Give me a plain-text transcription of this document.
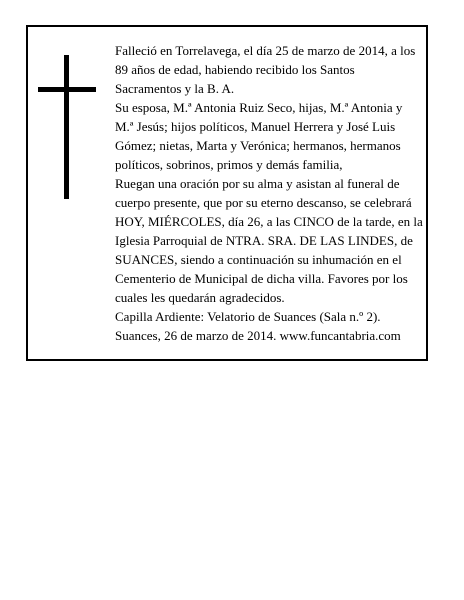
Falleció en Torrelavega, el día 25 de marzo de 2014, a los 89 años de edad, habiendo recibido los Santos Sacramentos y la B. A.

Su esposa, M.ª Antonia Ruiz Seco, hijas, M.ª Antonia y M.ª Jesús; hijos políticos, Manuel Herrera y José Luis Gómez; nietas, Marta y Verónica; hermanos, hermanos políticos, sobrinos, primos y demás familia,

Ruegan una oración por su alma y asistan al funeral de cuerpo presente, que por su eterno descanso, se celebrará HOY, MIÉRCOLES, día 26, a las CINCO de la tarde, en la Iglesia Parroquial de NTRA. SRA. DE LAS LINDES, de SUANCES, siendo a continuación su inhumación en el Cementerio de Municipal de dicha villa. Favores por los cuales les quedarán agradecidos.

Capilla Ardiente: Velatorio de Suances (Sala n.º 2).

Suances, 26 de marzo de 2014. www.funcantabria.com
